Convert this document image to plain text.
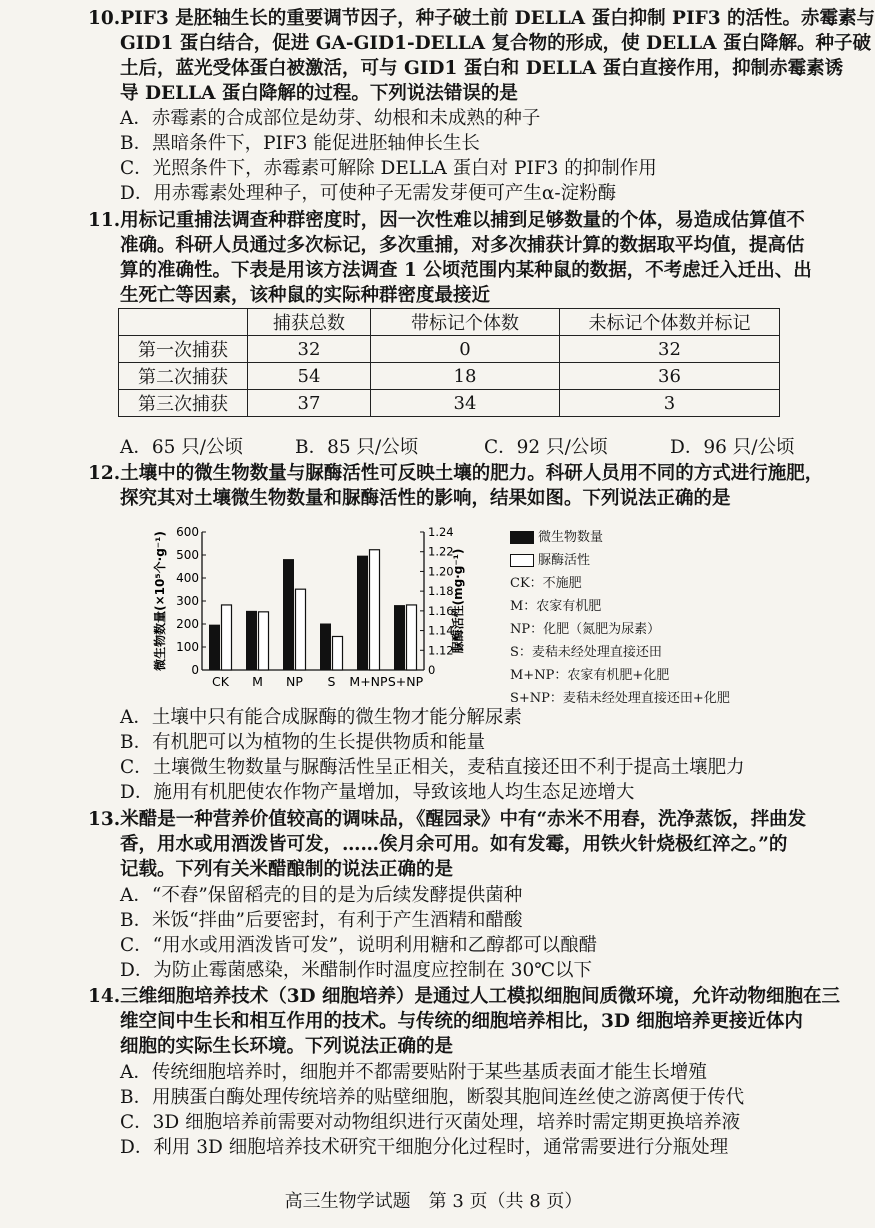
10.PIF3 是胚轴生长的重要调节因子，种子破土前 DELLA 蛋白抑制 PIF3 的活性。赤霉素与
GID1 蛋白结合，促进 GA-GID1-DELLA 复合物的形成，使 DELLA 蛋白降解。种子破
土后，蓝光受体蛋白被激活，可与 GID1 蛋白和 DELLA 蛋白直接作用，抑制赤霉素诱
导 DELLA 蛋白降解的过程。下列说法错误的是
A．赤霉素的合成部位是幼芽、幼根和未成熟的种子
B．黑暗条件下，PIF3 能促进胚轴伸长生长
C．光照条件下，赤霉素可解除 DELLA 蛋白对 PIF3 的抑制作用
D．用赤霉素处理种子，可使种子无需发芽便可产生α-淀粉酶
11.用标记重捕法调查种群密度时，因一次性难以捕到足够数量的个体，易造成估算值不
准确。科研人员通过多次标记，多次重捕，对多次捕获计算的数据取平均值，提高估
算的准确性。下表是用该方法调查 1 公顷范围内某种鼠的数据，不考虑迁入迁出、出
生死亡等因素，该种鼠的实际种群密度最接近
	捕获总数	带标记个体数	未标记个体数并标记
第一次捕获	32	0	32
第二次捕获	54	18	36
第三次捕获	37	34	3
A．65 只/公顷	B．85 只/公顷	C．92 只/公顷	D．96 只/公顷
12.土壤中的微生物数量与脲酶活性可反映土壤的肥力。科研人员用不同的方式进行施肥，
探究其对土壤微生物数量和脲酶活性的影响，结果如图。下列说法正确的是
0
100
200
300
400
500
600
0
1.12
1.14
1.16
1.18
1.20
1.22
1.24
微生物数量(×10⁵个·g⁻¹)	脲酶活性(mg·g⁻¹)
CK M NP S M+NP S+NP
微生物数量
脲酶活性
CK：不施肥
M：农家有机肥
NP：化肥（氮肥为尿素）
S：麦秸未经处理直接还田
M+NP：农家有机肥+化肥
S+NP：麦秸未经处理直接还田+化肥
A．土壤中只有能合成脲酶的微生物才能分解尿素
B．有机肥可以为植物的生长提供物质和能量
C．土壤微生物数量与脲酶活性呈正相关，麦秸直接还田不利于提高土壤肥力
D．施用有机肥使农作物产量增加，导致该地人均生态足迹增大
13.米醋是一种营养价值较高的调味品，《醒园录》中有“赤米不用舂，洗净蒸饭，拌曲发
香，用水或用酒泼皆可发，……俟月余可用。如有发霉，用铁火针烧极红淬之。”的
记载。下列有关米醋酿制的说法正确的是
A．“不舂”保留稻壳的目的是为后续发酵提供菌种
B．米饭“拌曲”后要密封，有利于产生酒精和醋酸
C．“用水或用酒泼皆可发”，说明利用糖和乙醇都可以酿醋
D．为防止霉菌感染，米醋制作时温度应控制在 30℃以下
14.三维细胞培养技术（3D 细胞培养）是通过人工模拟细胞间质微环境，允许动物细胞在三
维空间中生长和相互作用的技术。与传统的细胞培养相比，3D 细胞培养更接近体内
细胞的实际生长环境。下列说法正确的是
A．传统细胞培养时，细胞并不都需要贴附于某些基质表面才能生长增殖
B．用胰蛋白酶处理传统培养的贴壁细胞，断裂其胞间连丝使之游离便于传代
C．3D 细胞培养前需要对动物组织进行灭菌处理，培养时需定期更换培养液
D．利用 3D 细胞培养技术研究干细胞分化过程时，通常需要进行分瓶处理
高三生物学试题　第 3 页（共 8 页）
